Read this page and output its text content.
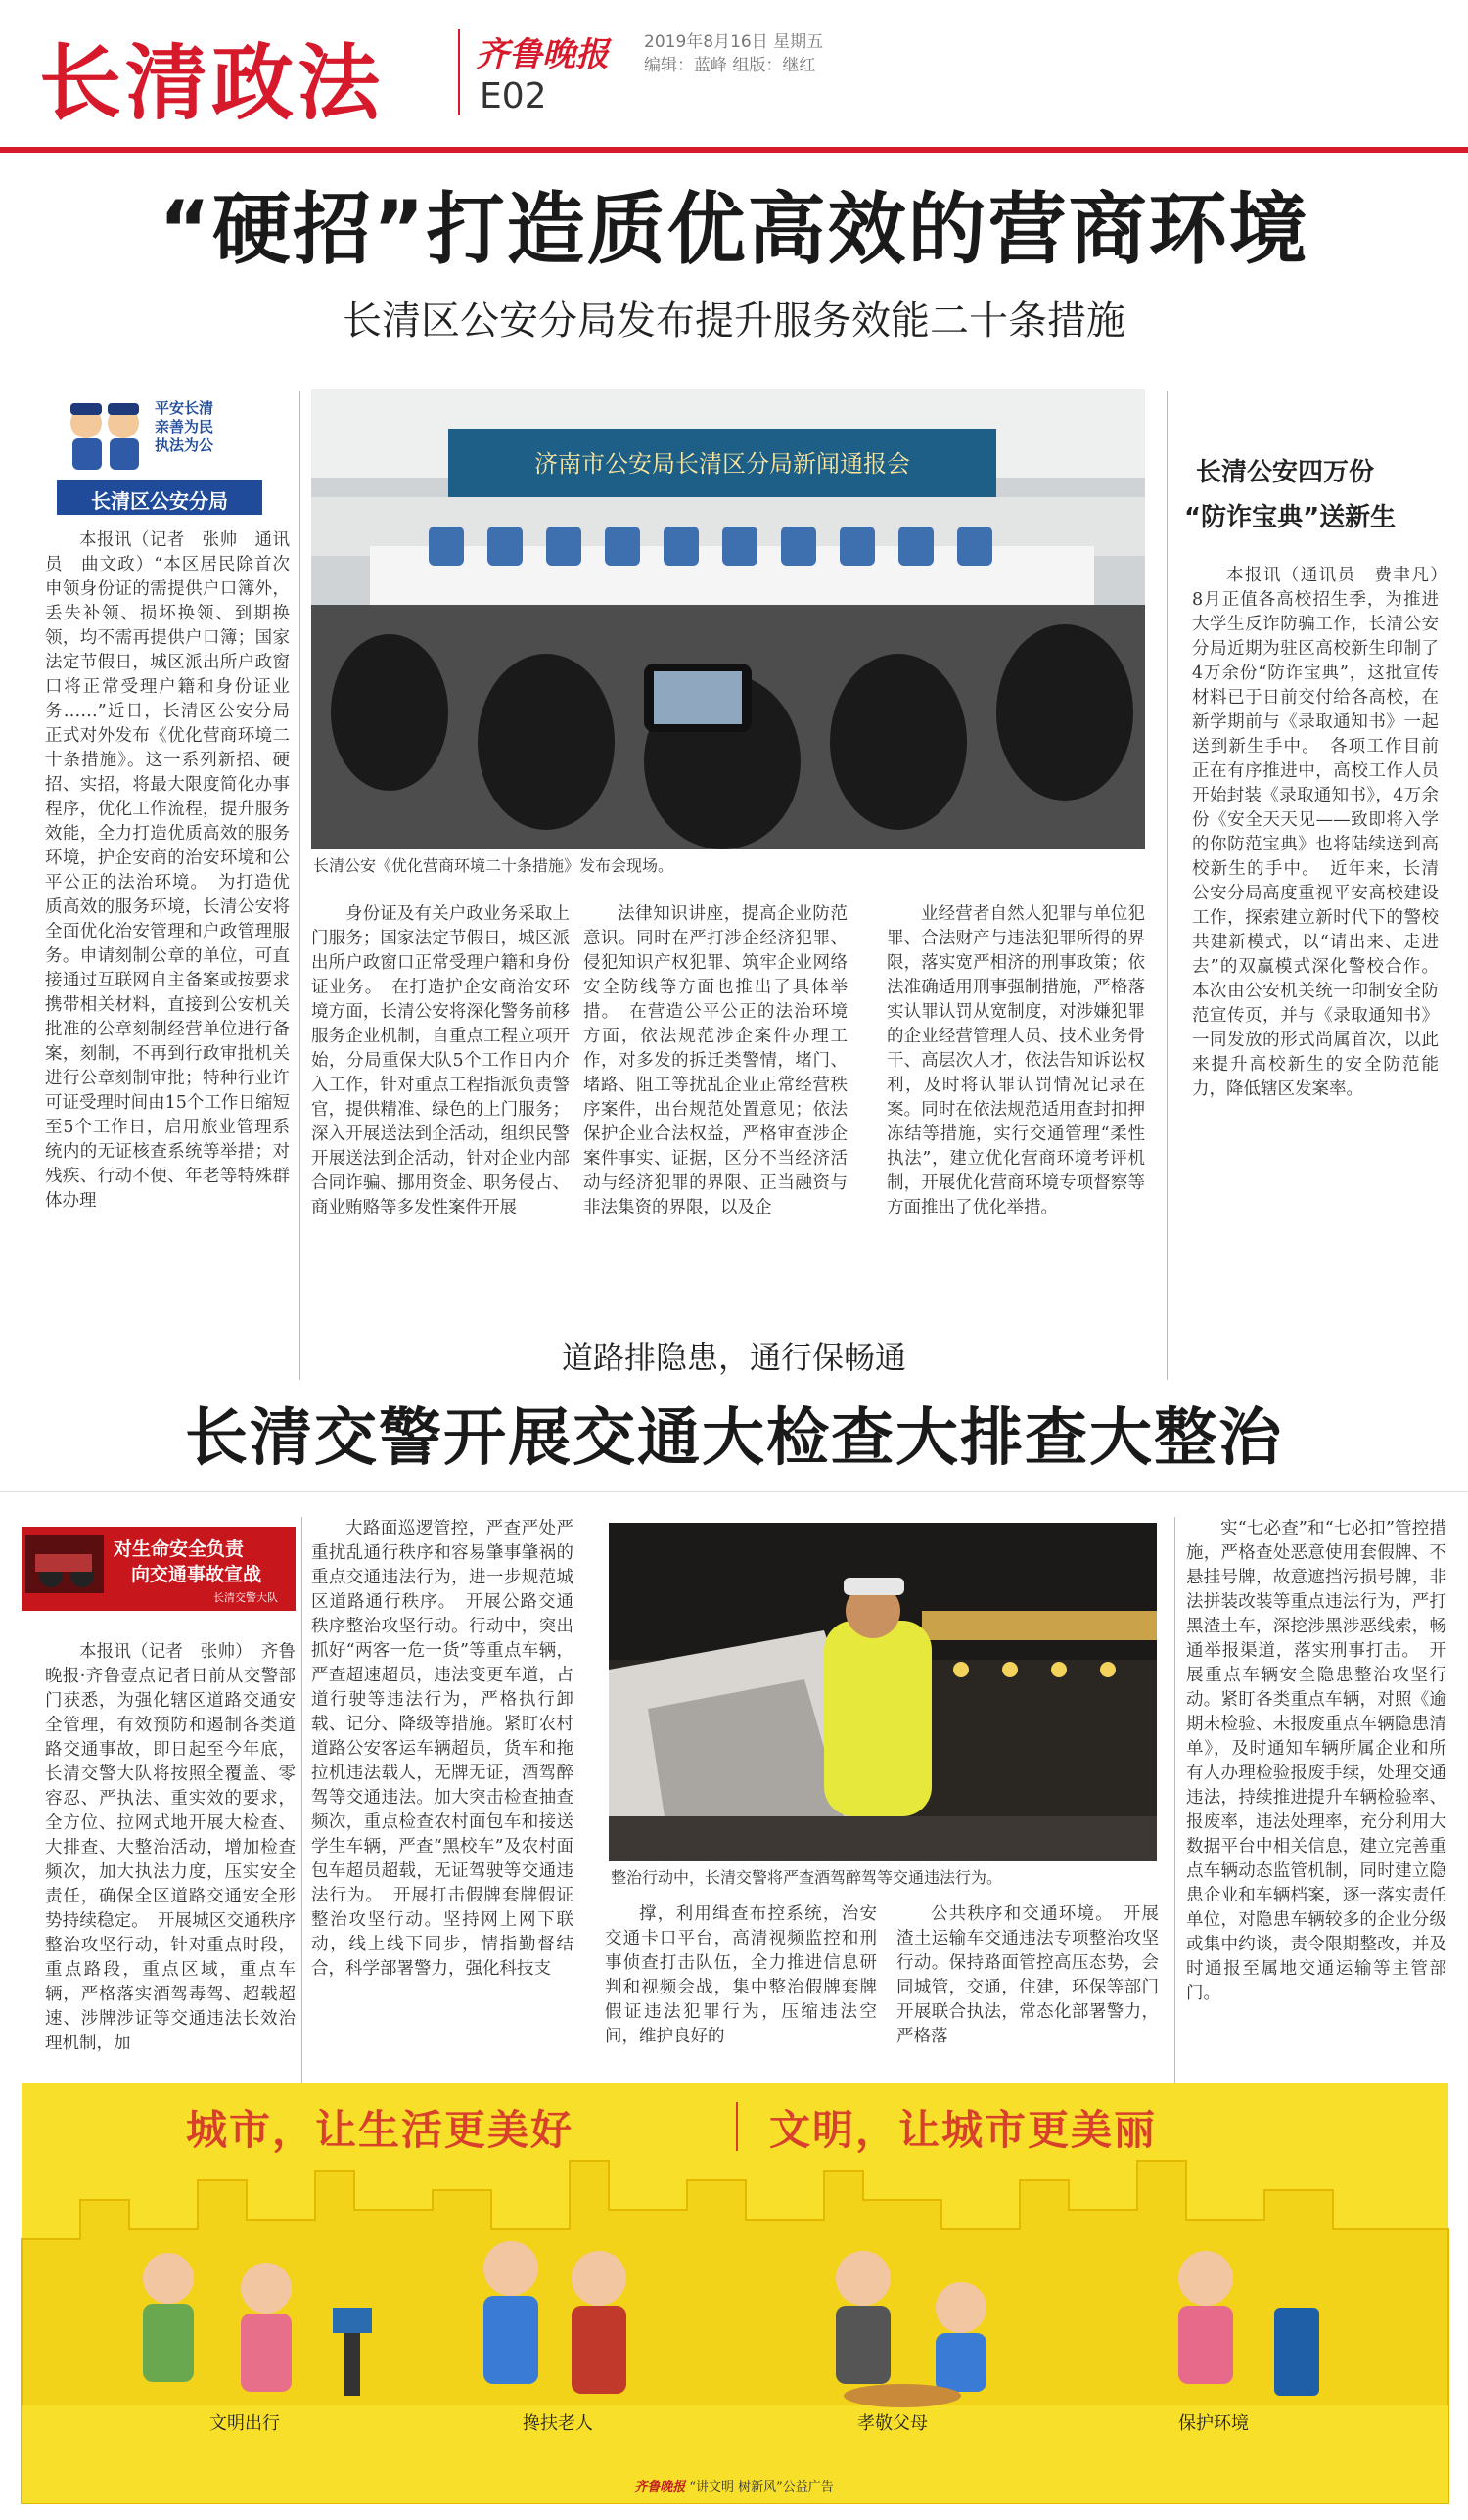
长清政法	齐鲁晚报
E02
2019年8月16日 星期五
编辑：蓝峰 组版：继红
“硬招”打造质优高效的营商环境
长清区公安分局发布提升服务效能二十条措施
平安长清
亲善为民
执法为公
长清区公安分局
济南市公安局长清区分局新闻通报会
长清公安《优化营商环境二十条措施》发布会现场。

本报讯（记者　张帅　通讯员　曲文政）“本区居民除首次申领身份证的需提供户口簿外，丢失补领、损坏换领、到期换领，均不需再提供户口簿；国家法定节假日，城区派出所户政窗口将正常受理户籍和身份证业务……”近日，长清区公安分局正式对外发布《优化营商环境二十条措施》。这一系列新招、硬招、实招，将最大限度简化办事程序，优化工作流程，提升服务效能，全力打造优质高效的服务环境，护企安商的治安环境和公平公正的法治环境。　为打造优质高效的服务环境，长清公安将全面优化治安管理和户政管理服务。申请刻制公章的单位，可直接通过互联网自主备案或按要求携带相关材料，直接到公安机关批准的公章刻制经营单位进行备案，刻制，不再到行政审批机关进行公章刻制审批；特种行业许可证受理时间由15个工作日缩短至5个工作日，启用旅业管理系统内的无证核查系统等举措；对残疾、行动不便、年老等特殊群体办理

身份证及有关户政业务采取上门服务；国家法定节假日，城区派出所户政窗口正常受理户籍和身份证业务。　在打造护企安商治安环境方面，长清公安将深化警务前移服务企业机制，自重点工程立项开始，分局重保大队5个工作日内介入工作，针对重点工程指派负责警官，提供精准、绿色的上门服务；深入开展送法到企活动，组织民警开展送法到企活动，针对企业内部合同诈骗、挪用资金、职务侵占、商业贿赂等多发性案件开展

法律知识讲座，提高企业防范意识。同时在严打涉企经济犯罪、侵犯知识产权犯罪、筑牢企业网络安全防线等方面也推出了具体举措。　在营造公平公正的法治环境方面，依法规范涉企案件办理工作，对多发的拆迁类警情，堵门、堵路、阻工等扰乱企业正常经营秩序案件，出台规范处置意见；依法保护企业合法权益，严格审查涉企案件事实、证据，区分不当经济活动与经济犯罪的界限、正当融资与非法集资的界限，以及企

业经营者自然人犯罪与单位犯罪、合法财产与违法犯罪所得的界限，落实宽严相济的刑事政策；依法准确适用刑事强制措施，严格落实认罪认罚从宽制度，对涉嫌犯罪的企业经营管理人员、技术业务骨干、高层次人才，依法告知诉讼权利，及时将认罪认罚情况记录在案。同时在依法规范适用查封扣押冻结等措施，实行交通管理“柔性执法”，建立优化营商环境考评机制，开展优化营商环境专项督察等方面推出了优化举措。

长清公安四万份
“防诈宝典”送新生

本报讯（通讯员　费聿凡）　8月正值各高校招生季，为推进大学生反诈防骗工作，长清公安分局近期为驻区高校新生印制了4万余份“防诈宝典”，这批宣传材料已于日前交付给各高校，在新学期前与《录取通知书》一起送到新生手中。　各项工作目前正在有序推进中，高校工作人员开始封装《录取通知书》，4万余份《安全天天见——致即将入学的你防范宝典》也将陆续送到高校新生的手中。　近年来，长清公安分局高度重视平安高校建设工作，探索建立新时代下的警校共建新模式，以“请出来、走进去”的双赢模式深化警校合作。本次由公安机关统一印制安全防范宣传页，并与《录取通知书》一同发放的形式尚属首次，以此来提升高校新生的安全防范能力，降低辖区发案率。

道路排隐患，通行保畅通
长清交警开展交通大检查大排查大整治
对生命安全负责
向交通事故宣战
长清交警大队
整治行动中，长清交警将严查酒驾醉驾等交通违法行为。

本报讯（记者　张帅）　齐鲁晚报·齐鲁壹点记者日前从交警部门获悉，为强化辖区道路交通安全管理，有效预防和遏制各类道路交通事故，即日起至今年底，长清交警大队将按照全覆盖、零容忍、严执法、重实效的要求，全方位、拉网式地开展大检查、大排查、大整治活动，增加检查频次，加大执法力度，压实安全责任，确保全区道路交通安全形势持续稳定。　开展城区交通秩序整治攻坚行动，针对重点时段，重点路段，重点区域，重点车辆，严格落实酒驾毒驾、超载超速、涉牌涉证等交通违法长效治理机制，加

大路面巡逻管控，严查严处严重扰乱通行秩序和容易肇事肇祸的重点交通违法行为，进一步规范城区道路通行秩序。　开展公路交通秩序整治攻坚行动。行动中，突出抓好“两客一危一货”等重点车辆，严查超速超员，违法变更车道，占道行驶等违法行为，严格执行卸载、记分、降级等措施。紧盯农村道路公安客运车辆超员，货车和拖拉机违法载人，无牌无证，酒驾醉驾等交通违法。加大突击检查抽查频次，重点检查农村面包车和接送学生车辆，严查“黑校车”及农村面包车超员超载，无证驾驶等交通违法行为。　开展打击假牌套牌假证整治攻坚行动。坚持网上网下联动，线上线下同步，情指勤督结合，科学部署警力，强化科技支

撑，利用缉查布控系统，治安交通卡口平台，高清视频监控和刑事侦查打击队伍，全力推进信息研判和视频会战，集中整治假牌套牌假证违法犯罪行为，压缩违法空间，维护良好的

公共秩序和交通环境。　开展渣土运输车交通违法专项整治攻坚行动。保持路面管控高压态势，会同城管，交通，住建，环保等部门开展联合执法，常态化部署警力，严格落

实“七必查”和“七必扣”管控措施，严格查处恶意使用套假牌、不悬挂号牌，故意遮挡污损号牌，非法拼装改装等重点违法行为，严打黑渣土车，深挖涉黑涉恶线索，畅通举报渠道，落实刑事打击。　开展重点车辆安全隐患整治攻坚行动。紧盯各类重点车辆，对照《逾期未检验、未报废重点车辆隐患清单》，及时通知车辆所属企业和所有人办理检验报废手续，处理交通违法，持续推进提升车辆检验率、报废率，违法处理率，充分利用大数据平台中相关信息，建立完善重点车辆动态监管机制，同时建立隐患企业和车辆档案，逐一落实责任单位，对隐患车辆较多的企业分级或集中约谈，责令限期整改，并及时通报至属地交通运输等主管部门。

城市，让生活更美好	文明，让城市更美丽
文明出行	搀扶老人	孝敬父母	保护环境
齐鲁晚报 “讲文明 树新风”公益广告
